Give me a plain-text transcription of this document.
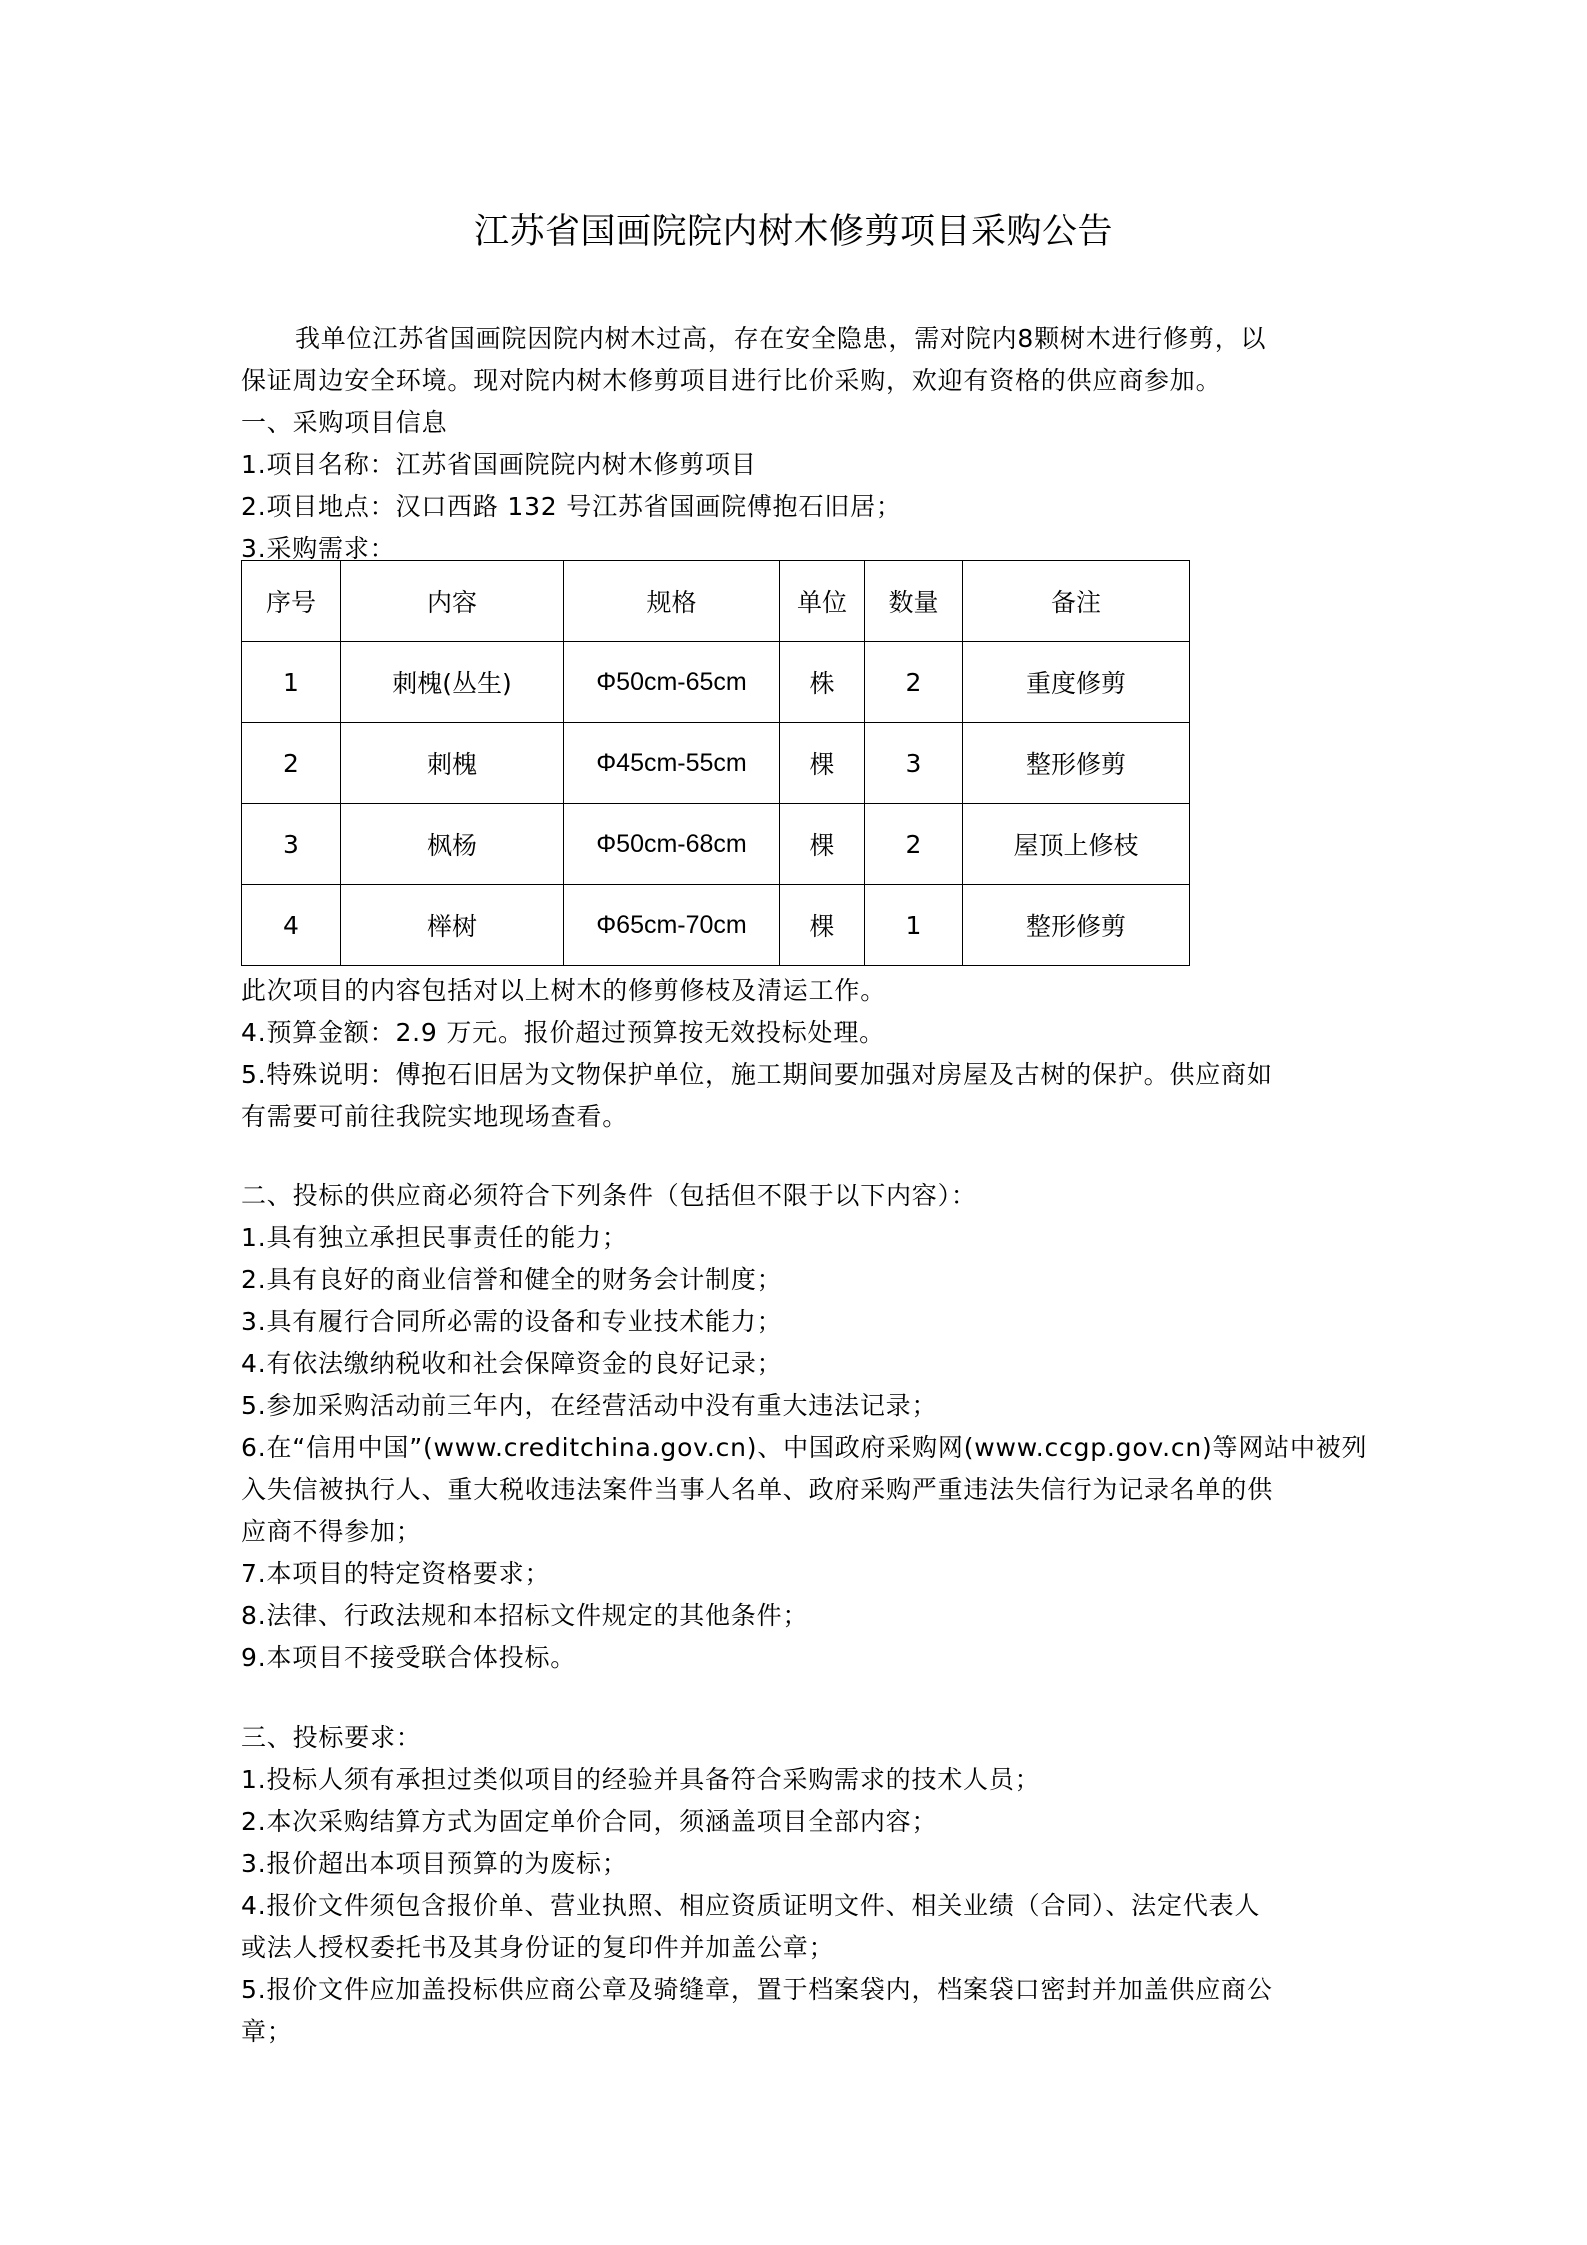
江苏省国画院院内树木修剪项目采购公告
我单位江苏省国画院因院内树木过高，存在安全隐患，需对院内8颗树木进行修剪，以
保证周边安全环境。现对院内树木修剪项目进行比价采购，欢迎有资格的供应商参加。
一、采购项目信息
1.项目名称：江苏省国画院院内树木修剪项目
2.项目地点：汉口西路 132 号江苏省国画院傅抱石旧居；
3.采购需求：
序号	内容	规格	单位	数量	备注
1	刺槐(丛生)	Φ50cm-65cm	株	2	重度修剪
2	刺槐	Φ45cm-55cm	棵	3	整形修剪
3	枫杨	Φ50cm-68cm	棵	2	屋顶上修枝
4	榉树	Φ65cm-70cm	棵	1	整形修剪
此次项目的内容包括对以上树木的修剪修枝及清运工作。
4.预算金额：2.9 万元。报价超过预算按无效投标处理。
5.特殊说明：傅抱石旧居为文物保护单位，施工期间要加强对房屋及古树的保护。供应商如
有需要可前往我院实地现场查看。
二、投标的供应商必须符合下列条件（包括但不限于以下内容）：
1.具有独立承担民事责任的能力；
2.具有良好的商业信誉和健全的财务会计制度；
3.具有履行合同所必需的设备和专业技术能力；
4.有依法缴纳税收和社会保障资金的良好记录；
5.参加采购活动前三年内，在经营活动中没有重大违法记录；
6.在“信用中国”(www.creditchina.gov.cn)、中国政府采购网(www.ccgp.gov.cn)等网站中被列
入失信被执行人、重大税收违法案件当事人名单、政府采购严重违法失信行为记录名单的供
应商不得参加；
7.本项目的特定资格要求；
8.法律、行政法规和本招标文件规定的其他条件；
9.本项目不接受联合体投标。
三、投标要求：
1.投标人须有承担过类似项目的经验并具备符合采购需求的技术人员；
2.本次采购结算方式为固定单价合同，须涵盖项目全部内容；
3.报价超出本项目预算的为废标；
4.报价文件须包含报价单、营业执照、相应资质证明文件、相关业绩（合同）、法定代表人
或法人授权委托书及其身份证的复印件并加盖公章；
5.报价文件应加盖投标供应商公章及骑缝章，置于档案袋内，档案袋口密封并加盖供应商公
章；
